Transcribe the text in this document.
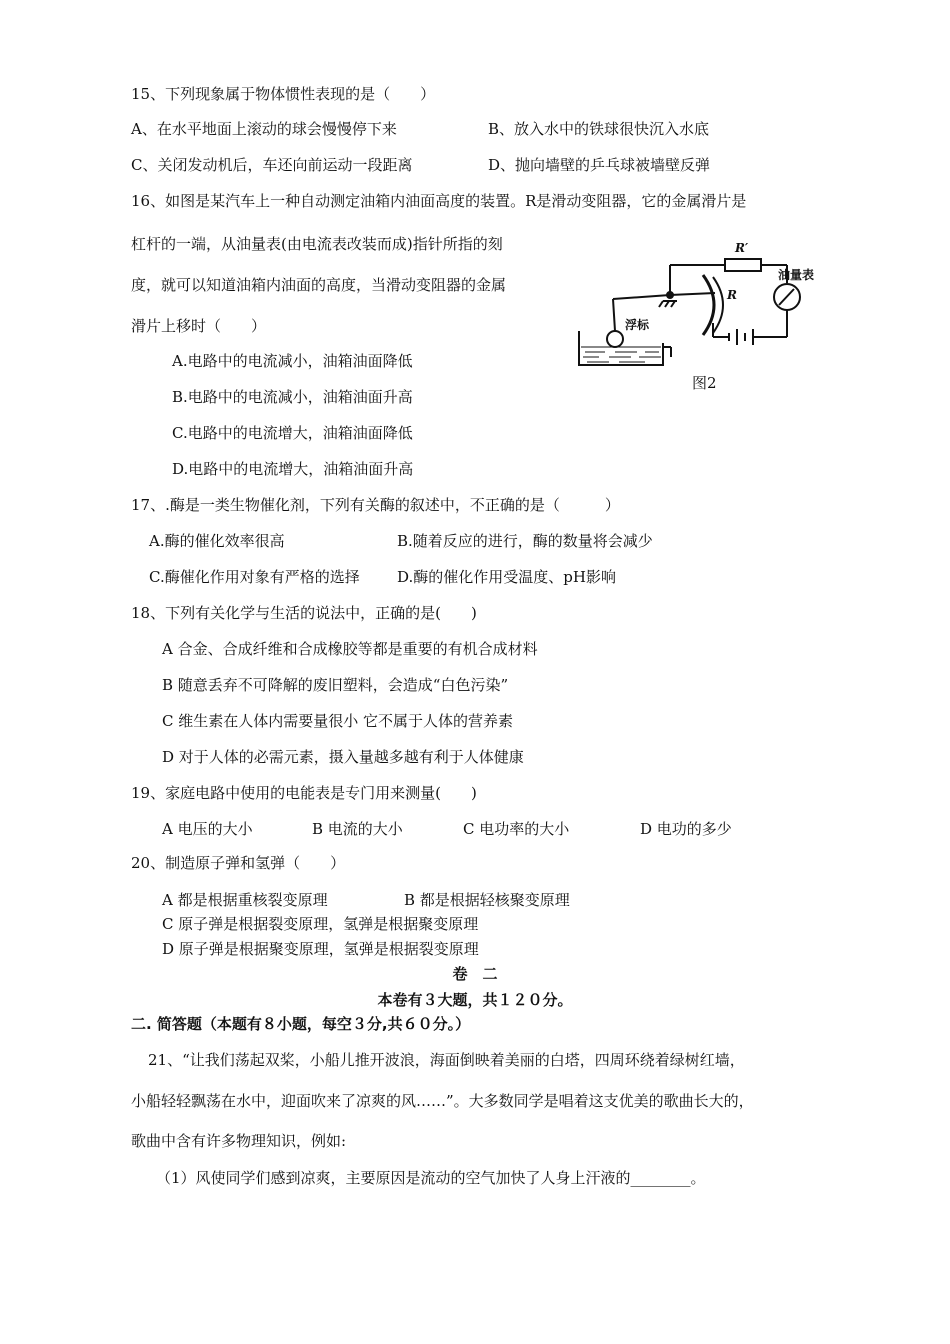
15、下列现象属于物体惯性表现的是（　　）
A、在水平地面上滚动的球会慢慢停下来	B、放入水中的铁球很快沉入水底
C、关闭发动机后，车还向前运动一段距离	D、抛向墙壁的乒乓球被墙壁反弹
16、如图是某汽车上一种自动测定油箱内油面高度的装置。R是滑动变阻器，它的金属滑片是
杠杆的一端，从油量表(由电流表改装而成)指针所指的刻
度，就可以知道油箱内油面的高度，当滑动变阻器的金属
滑片上移时（　　）
A.电路中的电流减小，油箱油面降低
B.电路中的电流减小，油箱油面升高
C.电路中的电流增大，油箱油面降低
D.电路中的电流增大，油箱油面升高
R′
R
油量表
浮标
图2
17、.酶是一类生物催化剂，下列有关酶的叙述中，不正确的是（　　　）
A.酶的催化效率很高	B.随着反应的进行，酶的数量将会减少
C.酶催化作用对象有严格的选择 D.酶的催化作用受温度、pH影响
18、下列有关化学与生活的说法中，正确的是(　　)
A 合金、合成纤维和合成橡胶等都是重要的有机合成材料
B 随意丢弃不可降解的废旧塑料，会造成“白色污染”
C 维生素在人体内需要量很小 它不属于人体的营养素
D 对于人体的必需元素，摄入量越多越有利于人体健康
19、家庭电路中使用的电能表是专门用来测量(　　)
A 电压的大小	B 电流的大小	C 电功率的大小	D 电功的多少
20、制造原子弹和氢弹（　　）
A 都是根据重核裂变原理	B 都是根据轻核聚变原理
C 原子弹是根据裂变原理，氢弹是根据聚变原理
D 原子弹是根据聚变原理，氢弹是根据裂变原理
卷　二
本卷有３大题，共１２０分。
二. 简答题（本题有８小题，每空３分,共６０分。）
21、“让我们荡起双桨，小船儿推开波浪，海面倒映着美丽的白塔，四周环绕着绿树红墙，
小船轻轻飘荡在水中，迎面吹来了凉爽的风……”。大多数同学是唱着这支优美的歌曲长大的，
歌曲中含有许多物理知识，例如:
（1）风使同学们感到凉爽，主要原因是流动的空气加快了人身上汗液的________。
